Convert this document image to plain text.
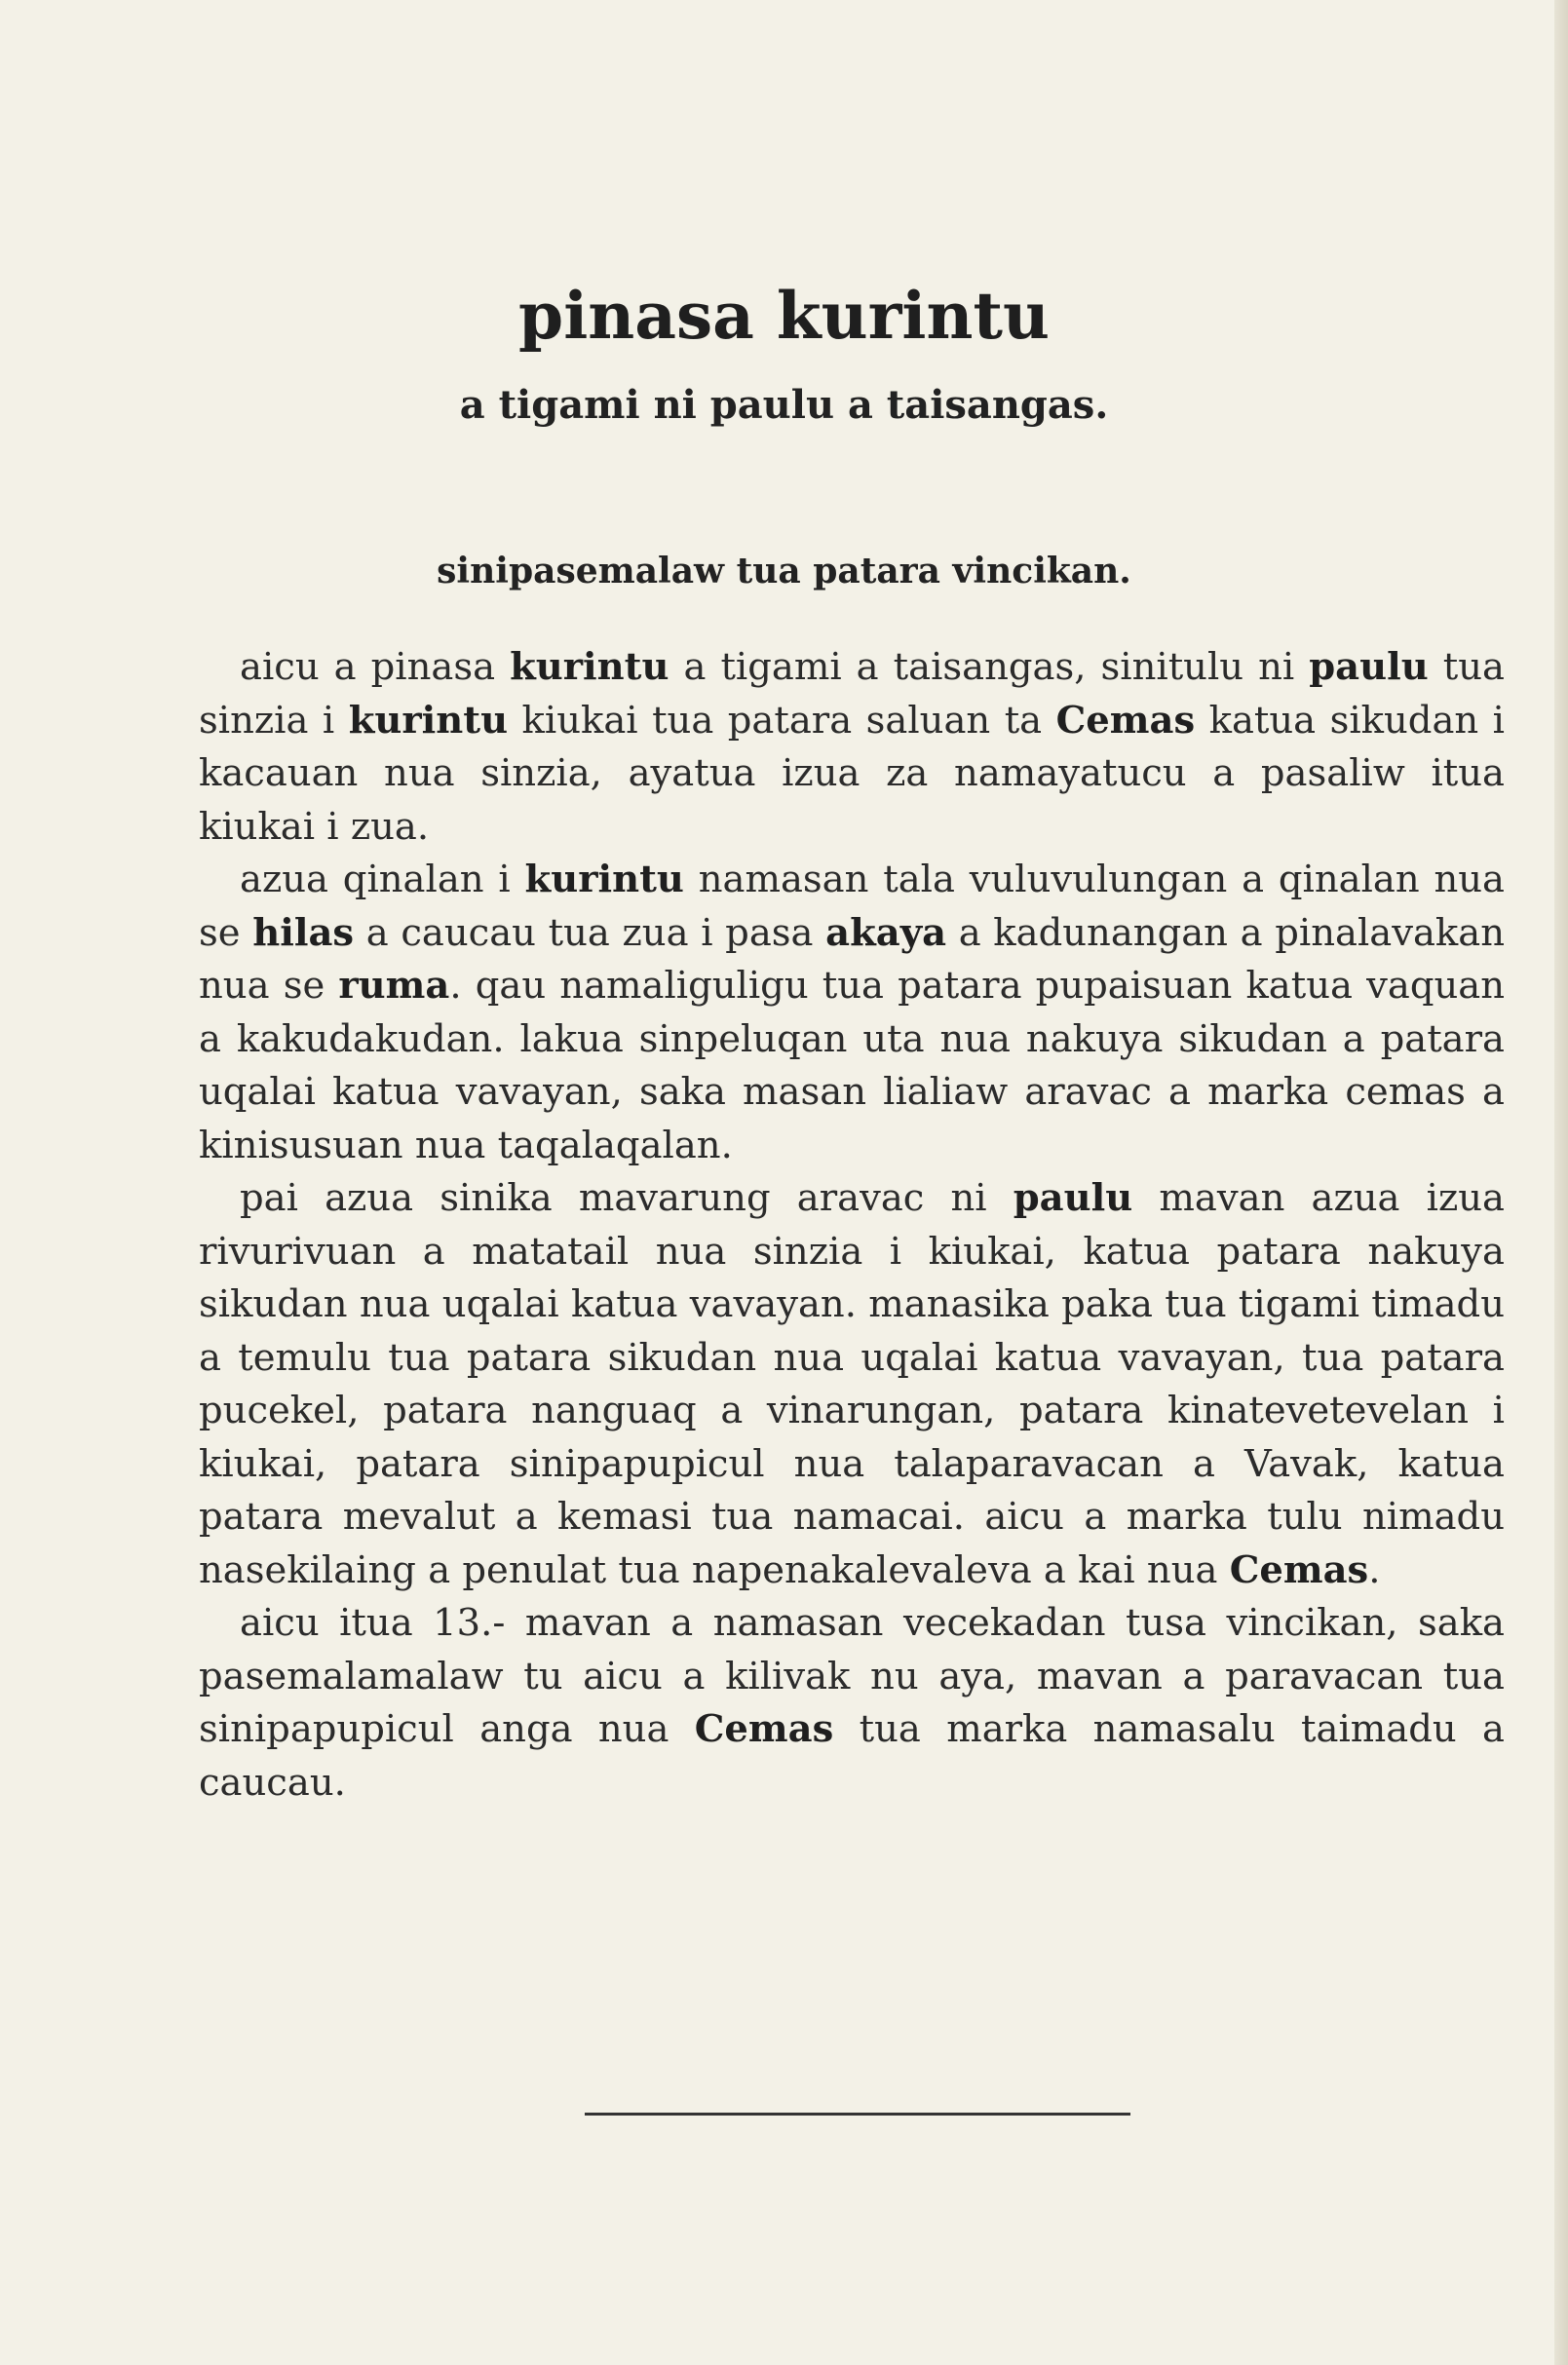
pinasa kurintu
a tigami ni paulu a taisangas.
sinipasemalaw tua patara vincikan.

aicu a pinasa kurintu a tigami a taisangas, sinitulu ni paulu tua sinzia i kurintu kiukai tua patara saluan ta Cemas katua sikudan i kacauan nua sinzia, ayatua izua za namayatucu a pasaliw itua kiukai i zua.

azua qinalan i kurintu namasan tala vuluvulungan a qinalan nua se hilas a caucau tua zua i pasa akaya a kadunangan a pinalavakan nua se ruma. qau namaliguligu tua patara pupaisuan katua vaquan a kakudakudan. lakua sinpeluqan uta nua nakuya sikudan a patara uqalai katua vavayan, saka masan lialiaw aravac a marka cemas a kinisusuan nua taqalaqalan.

pai azua sinika mavarung aravac ni paulu mavan azua izua rivurivuan a matatail nua sinzia i kiukai, katua patara nakuya sikudan nua uqalai katua vavayan. manasika paka tua tigami timadu a temulu tua patara sikudan nua uqalai katua vavayan, tua patara pucekel, patara nanguaq a vinarungan, patara kinatevetevelan i kiukai, patara sinipapupicul nua talaparavacan a Vavak, katua patara mevalut a kemasi tua namacai. aicu a marka tulu nimadu nasekilaing a penulat tua napenakalevaleva a kai nua Cemas.

aicu itua 13.- mavan a namasan vecekadan tusa vincikan, saka pasemalamalaw tu aicu a kilivak nu aya, mavan a paravacan tua sinipapupicul anga nua Cemas tua marka namasalu taimadu a caucau.
